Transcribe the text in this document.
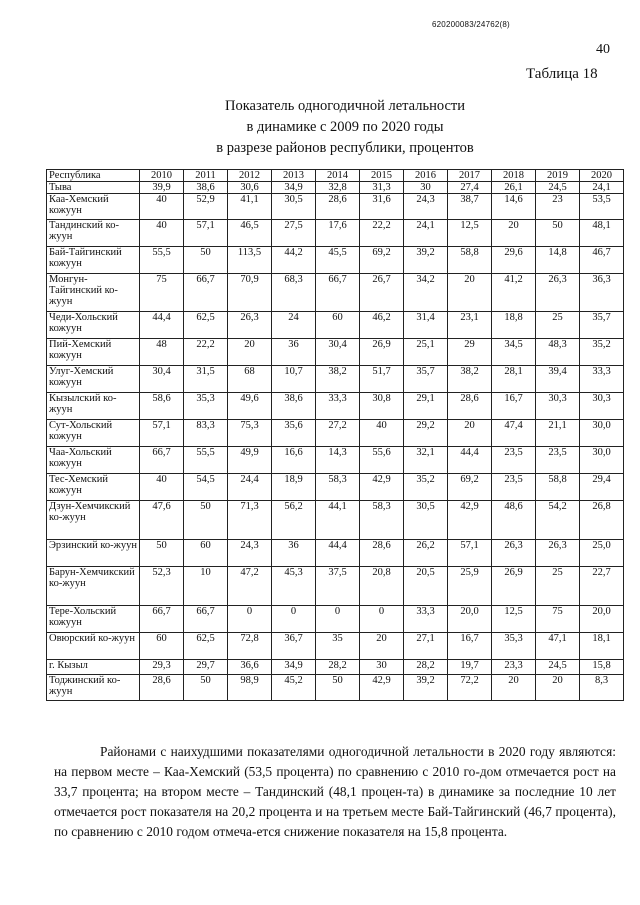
620200083/24762(8)
40
Таблица 18
Показатель одногодичной летальности
в динамике с 2009 по 2020 годы
в разрезе районов республики, процентов
Республика	2010	2011	2012	2013	2014	2015	2016	2017	2018	2019	2020
Тыва	39,9	38,6	30,6	34,9	32,8	31,3	30	27,4	26,1	24,5	24,1
Каа-Хемский кожуун	40	52,9	41,1	30,5	28,6	31,6	24,3	38,7	14,6	23	53,5
Тандинский ко-жуун	40	57,1	46,5	27,5	17,6	22,2	24,1	12,5	20	50	48,1
Бай-Тайгинский кожуун	55,5	50	113,5	44,2	45,5	69,2	39,2	58,8	29,6	14,8	46,7
Монгун-Тайгинский ко-жуун	75	66,7	70,9	68,3	66,7	26,7	34,2	20	41,2	26,3	36,3
Чеди-Хольский кожуун	44,4	62,5	26,3	24	60	46,2	31,4	23,1	18,8	25	35,7
Пий-Хемский кожуун	48	22,2	20	36	30,4	26,9	25,1	29	34,5	48,3	35,2
Улуг-Хемский кожуун	30,4	31,5	68	10,7	38,2	51,7	35,7	38,2	28,1	39,4	33,3
Кызылский ко-жуун	58,6	35,3	49,6	38,6	33,3	30,8	29,1	28,6	16,7	30,3	30,3
Сут-Хольский кожуун	57,1	83,3	75,3	35,6	27,2	40	29,2	20	47,4	21,1	30,0
Чаа-Хольский кожуун	66,7	55,5	49,9	16,6	14,3	55,6	32,1	44,4	23,5	23,5	30,0
Тес-Хемский кожуун	40	54,5	24,4	18,9	58,3	42,9	35,2	69,2	23,5	58,8	29,4
Дзун-Хемчикский ко-жуун	47,6	50	71,3	56,2	44,1	58,3	30,5	42,9	48,6	54,2	26,8
Эрзинский ко-жуун	50	60	24,3	36	44,4	28,6	26,2	57,1	26,3	26,3	25,0
Барун-Хемчикский ко-жуун	52,3	10	47,2	45,3	37,5	20,8	20,5	25,9	26,9	25	22,7
Тере-Хольский кожуун	66,7	66,7	0	0	0	0	33,3	20,0	12,5	75	20,0
Овюрский ко-жуун	60	62,5	72,8	36,7	35	20	27,1	16,7	35,3	47,1	18,1
г. Кызыл	29,3	29,7	36,6	34,9	28,2	30	28,2	19,7	23,3	24,5	15,8
Тоджинский ко-жуун	28,6	50	98,9	45,2	50	42,9	39,2	72,2	20	20	8,3
Районами с наихудшими показателями одногодичной летальности в 2020 году являются: на первом месте – Каа-Хемский (53,5 процента) по сравнению с 2010 го-дом отмечается рост на 33,7 процента; на втором месте – Тандинский (48,1 процен-та) в динамике за последние 10 лет отмечается рост показателя на 20,2 процента и на третьем месте Бай-Тайгинский (46,7 процента), по сравнению с 2010 годом отмеча-ется снижение показателя на 15,8 процента.
